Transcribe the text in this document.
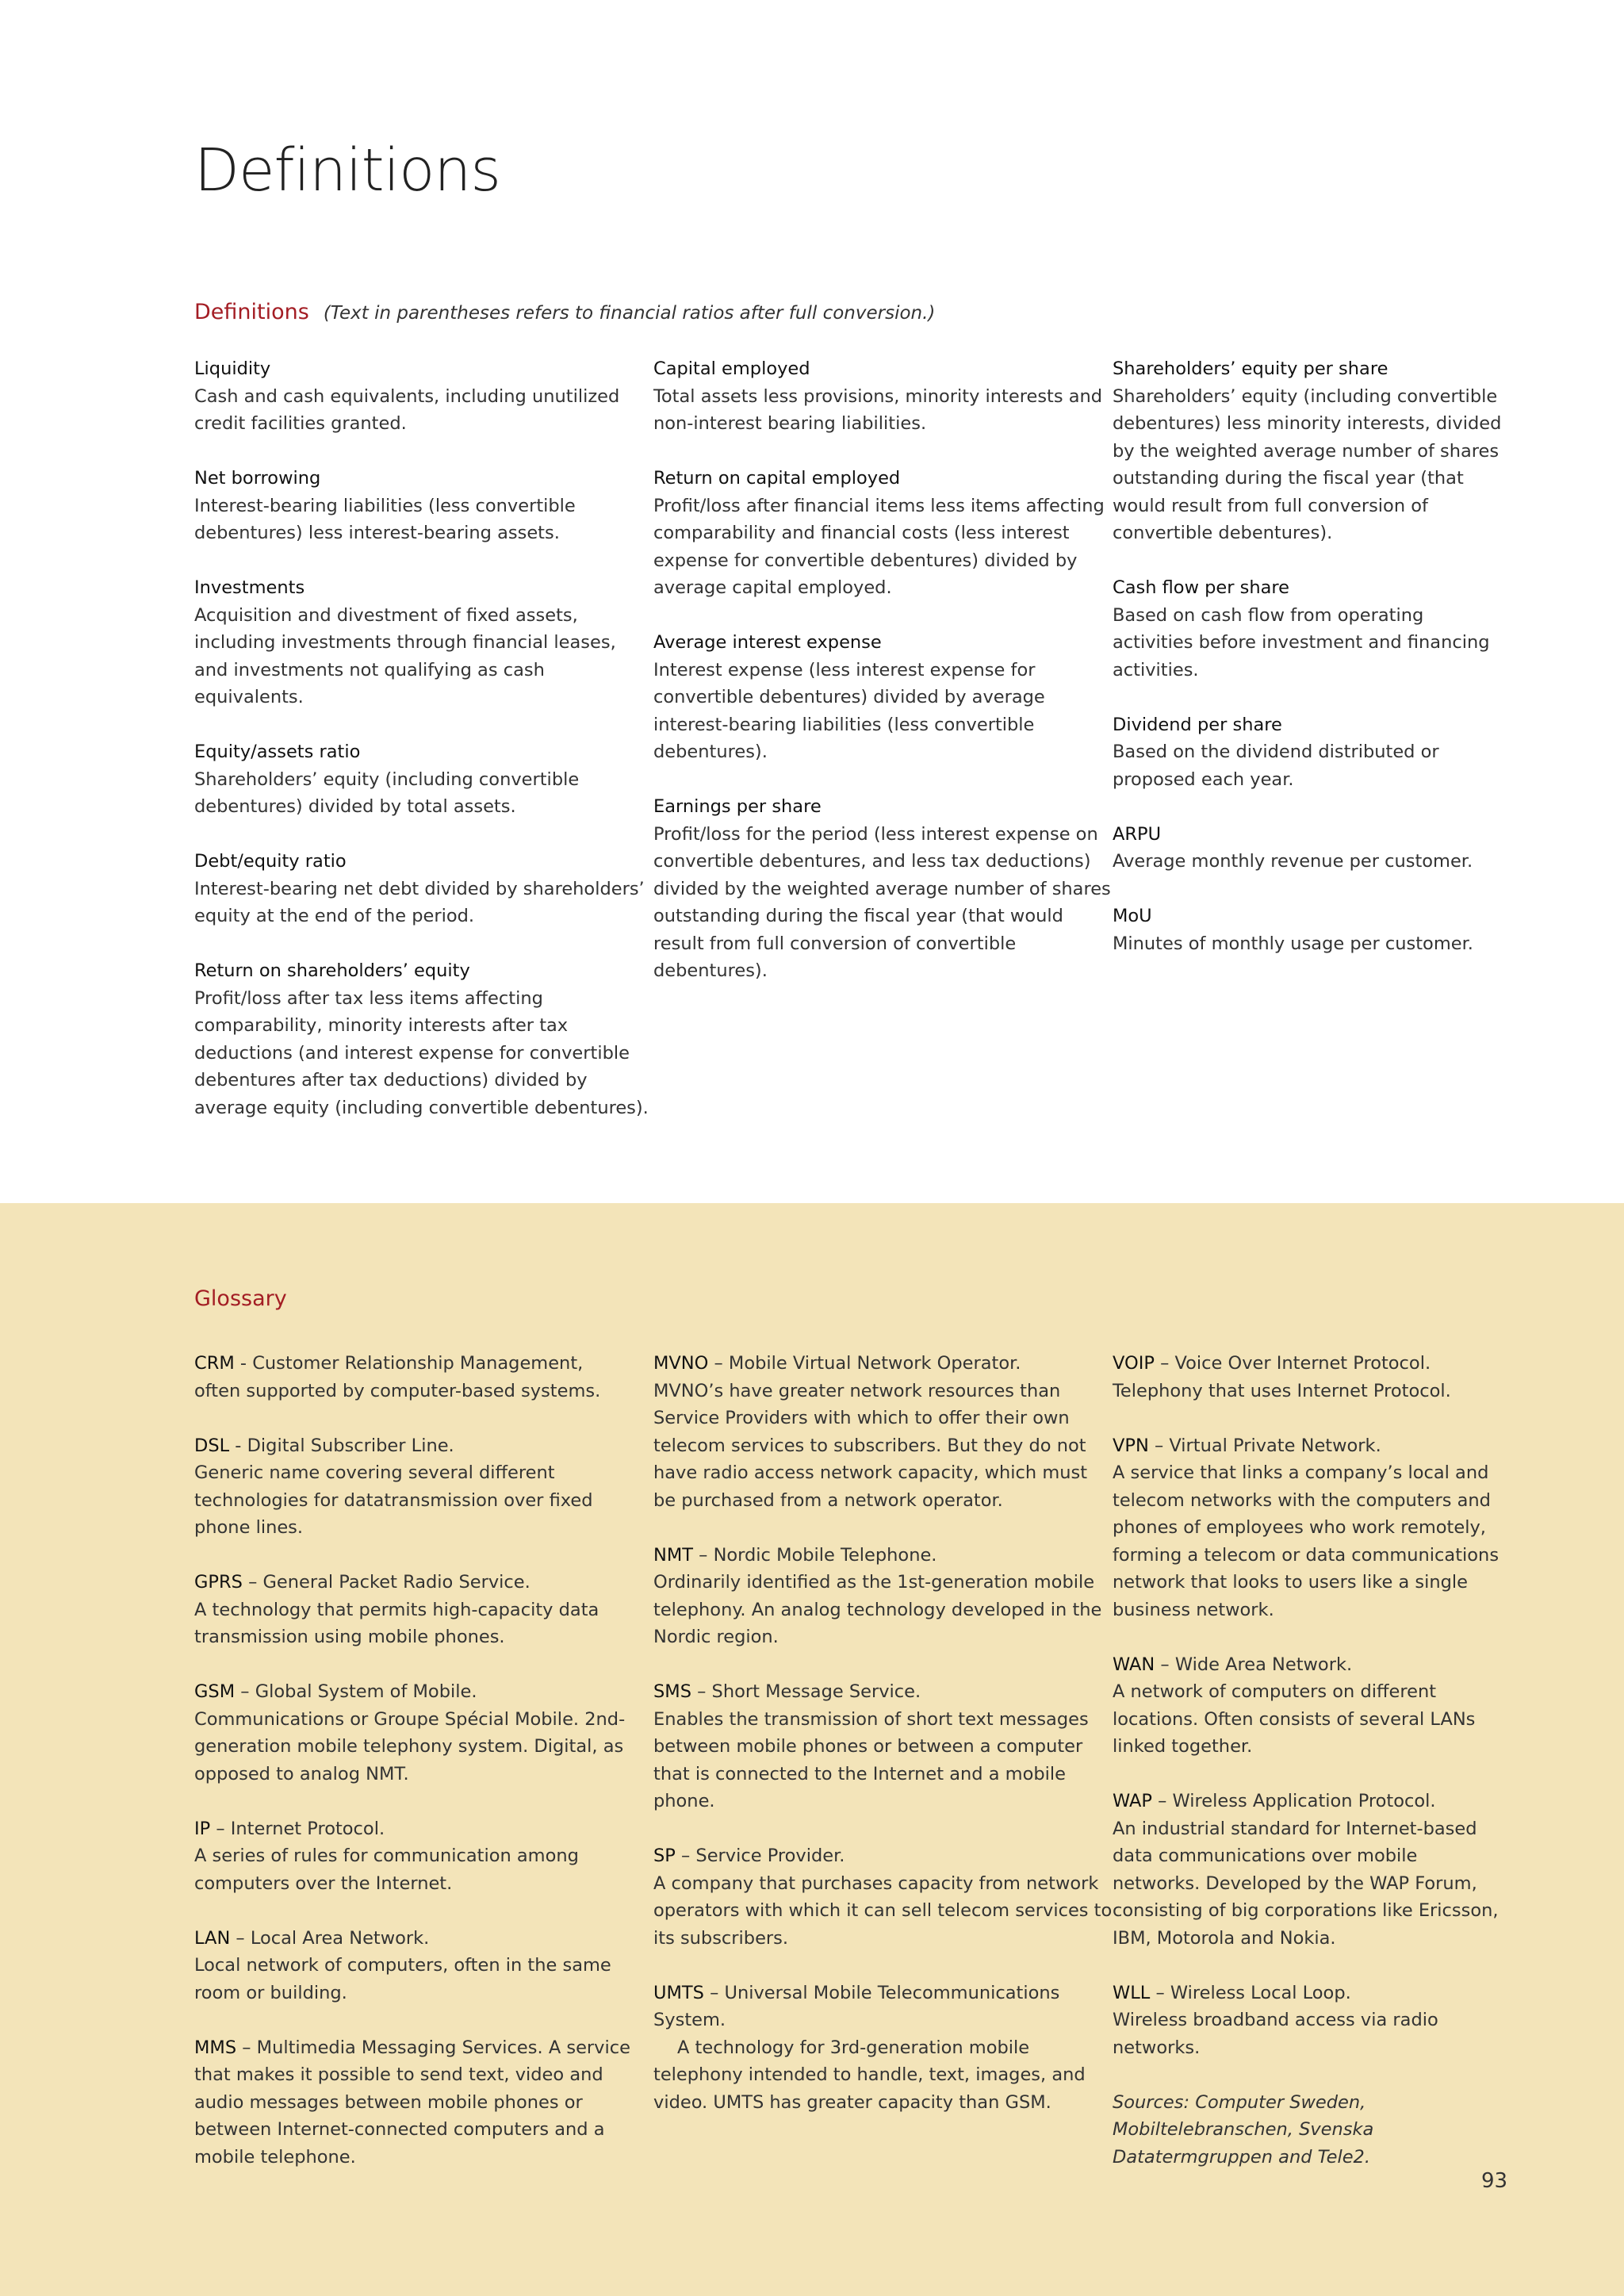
Definitions
Definitions (Text in parentheses refers to financial ratios after full conversion.)
Liquidity
Cash and cash equivalents, including unutilized credit facilities granted.
Net borrowing
Interest-bearing liabilities (less convertible debentures) less interest-bearing assets.
Investments
Acquisition and divestment of fixed assets, including investments through financial leases, and investments not qualifying as cash equivalents.
Equity/assets ratio
Shareholders’ equity (including convertible debentures) divided by total assets.
Debt/equity ratio
Interest-bearing net debt divided by shareholders’ equity at the end of the period.
Return on shareholders’ equity
Profit/loss after tax less items affecting comparability, minority interests after tax deductions (and interest expense for convertible debentures after tax deductions) divided by average equity (including convertible debentures).
Capital employed
Total assets less provisions, minority interests and non-interest bearing liabilities.
Return on capital employed
Profit/loss after financial items less items affecting comparability and financial costs (less interest expense for convertible debentures) divided by average capital employed.
Average interest expense
Interest expense (less interest expense for convertible debentures) divided by average interest-bearing liabilities (less convertible debentures).
Earnings per share
Profit/loss for the period (less interest expense on convertible debentures, and less tax deductions) divided by the weighted average number of shares outstanding during the fiscal year (that would result from full conversion of convertible debentures).
Shareholders’ equity per share
Shareholders’ equity (including convertible debentures) less minority interests, divided by the weighted average number of shares outstanding during the fiscal year (that would result from full conversion of convertible debentures).
Cash flow per share
Based on cash flow from operating activities before investment and financing activities.
Dividend per share
Based on the dividend distributed or proposed each year.
ARPU
Average monthly revenue per customer.
MoU
Minutes of monthly usage per customer.
Glossary
CRM - Customer Relationship Management,
often supported by computer-based systems.
DSL - Digital Subscriber Line.
Generic name covering several different technologies for datatransmission over fixed phone lines.
GPRS – General Packet Radio Service.
A technology that permits high-capacity data transmission using mobile phones.
GSM – Global System of Mobile.
Communications or Groupe Spécial Mobile. 2nd-generation mobile telephony system. Digital, as opposed to analog NMT.
IP – Internet Protocol.
A series of rules for communication among computers over the Internet.
LAN – Local Area Network.
Local network of computers, often in the same room or building.
MMS – Multimedia Messaging Services. A service that makes it possible to send text, video and audio messages between mobile phones or between Internet-connected computers and a mobile telephone.
MVNO – Mobile Virtual Network Operator.
MVNO’s have greater network resources than Service Providers with which to offer their own telecom services to subscribers. But they do not have radio access network capacity, which must be purchased from a network operator.
NMT – Nordic Mobile Telephone.
Ordinarily identified as the 1st-generation mobile telephony. An analog technology developed in the Nordic region.
SMS – Short Message Service.
Enables the transmission of short text messages between mobile phones or between a computer that is connected to the Internet and a mobile phone.
SP – Service Provider.
A company that purchases capacity from network operators with which it can sell telecom services to its subscribers.
UMTS – Universal Mobile Telecommunications System.
A technology for 3rd-generation mobile telephony intended to handle, text, images, and video. UMTS has greater capacity than GSM.
VOIP – Voice Over Internet Protocol.
Telephony that uses Internet Protocol.
VPN – Virtual Private Network.
A service that links a company’s local and telecom networks with the computers and phones of employees who work remotely, forming a telecom or data communications network that looks to users like a single business network.
WAN – Wide Area Network.
A network of computers on different locations. Often consists of several LANs linked together.
WAP – Wireless Application Protocol.
An industrial standard for Internet-based data communications over mobile networks. Developed by the WAP Forum, consisting of big corporations like Ericsson, IBM, Motorola and Nokia.
WLL – Wireless Local Loop.
Wireless broadband access via radio networks.
Sources: Computer Sweden, Mobiltelebranschen, Svenska Datatermgruppen and Tele2.
93
